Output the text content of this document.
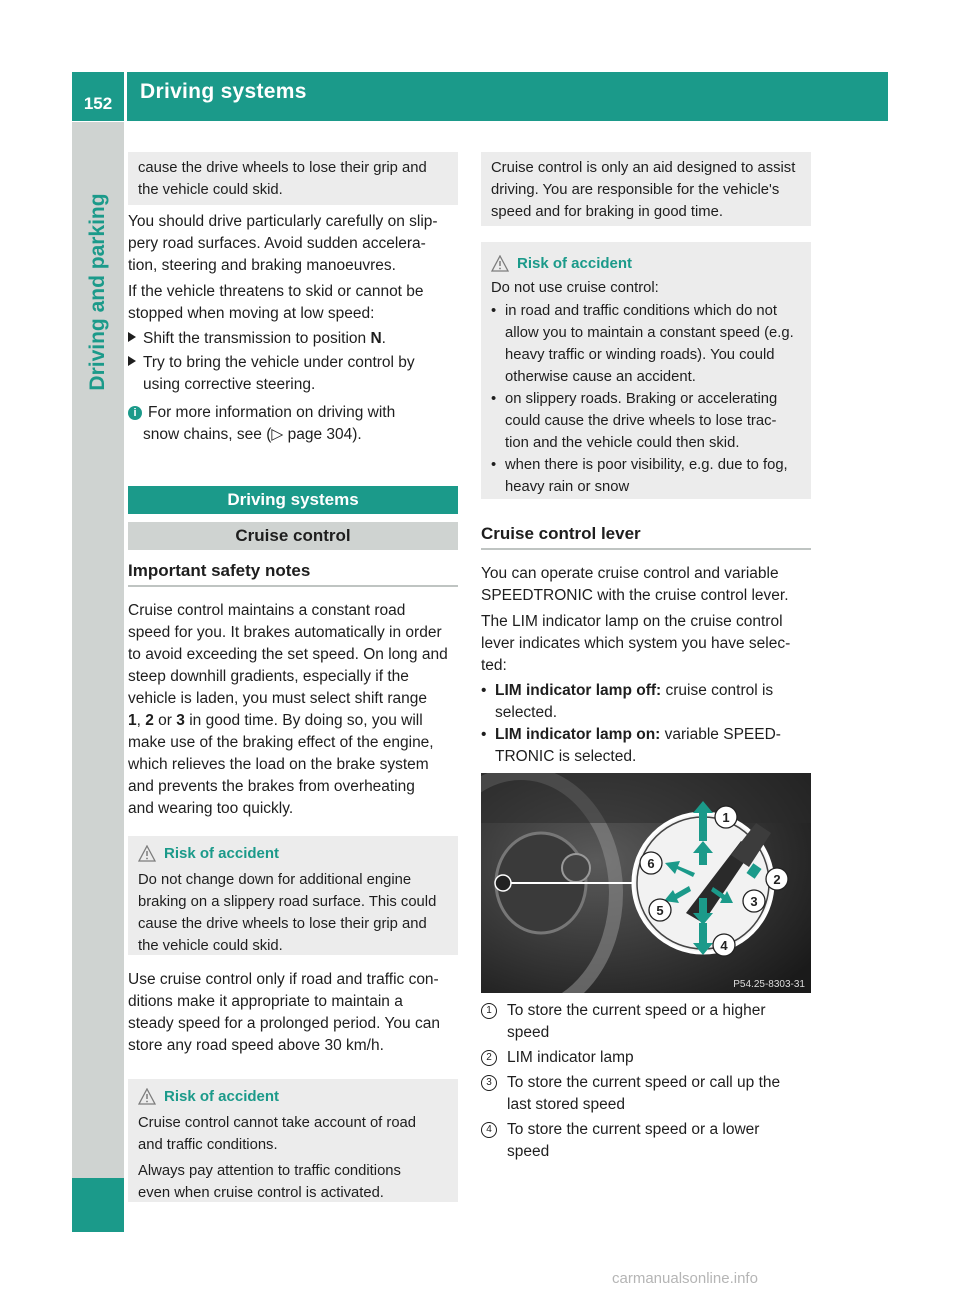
152
Driving systems
Driving and parking

cause the drive wheels to lose their grip and

the vehicle could skid.

You should drive particularly carefully on slip-

pery road surfaces. Avoid sudden accelera-

tion, steering and braking manoeuvres.

If the vehicle threatens to skid or cannot be

stopped when moving at low speed:

Shift the transmission to position N.

Try to bring the vehicle under control by

using corrective steering.

i For more information on driving with

snow chains, see (▷ page 304).

Driving systems
Cruise control
Important safety notes

Cruise control maintains a constant road

speed for you. It brakes automatically in order

to avoid exceeding the set speed. On long and

steep downhill gradients, especially if the

vehicle is laden, you must select shift range

1, 2 or 3 in good time. By doing so, you will

make use of the braking effect of the engine,

which relieves the load on the brake system

and prevents the brakes from overheating

and wearing too quickly.

Risk of accident

Do not change down for additional engine

braking on a slippery road surface. This could

cause the drive wheels to lose their grip and

the vehicle could skid.

Use cruise control only if road and traffic con-

ditions make it appropriate to maintain a

steady speed for a prolonged period. You can

store any road speed above 30 km/h.

Risk of accident

Cruise control cannot take account of road

and traffic conditions.

Always pay attention to traffic conditions

even when cruise control is activated.

Cruise control is only an aid designed to assist

driving. You are responsible for the vehicle's

speed and for braking in good time.

Risk of accident

Do not use cruise control:

• in road and traffic conditions which do not

allow you to maintain a constant speed (e.g.

heavy traffic or winding roads). You could

otherwise cause an accident.

• on slippery roads. Braking or accelerating

could cause the drive wheels to lose trac-

tion and the vehicle could then skid.

• when there is poor visibility, e.g. due to fog,

heavy rain or snow

Cruise control lever

You can operate cruise control and variable

SPEEDTRONIC with the cruise control lever.

The LIM indicator lamp on the cruise control

lever indicates which system you have selec-

ted:

• LIM indicator lamp off: cruise control is

selected.

• LIM indicator lamp on: variable SPEED-

TRONIC is selected.

1
2
3
4
5
6
P54.25-8303-31

1 To store the current speed or a higher

speed

2 LIM indicator lamp

3 To store the current speed or call up the

last stored speed

4 To store the current speed or a lower

speed

carmanualsonline.info
